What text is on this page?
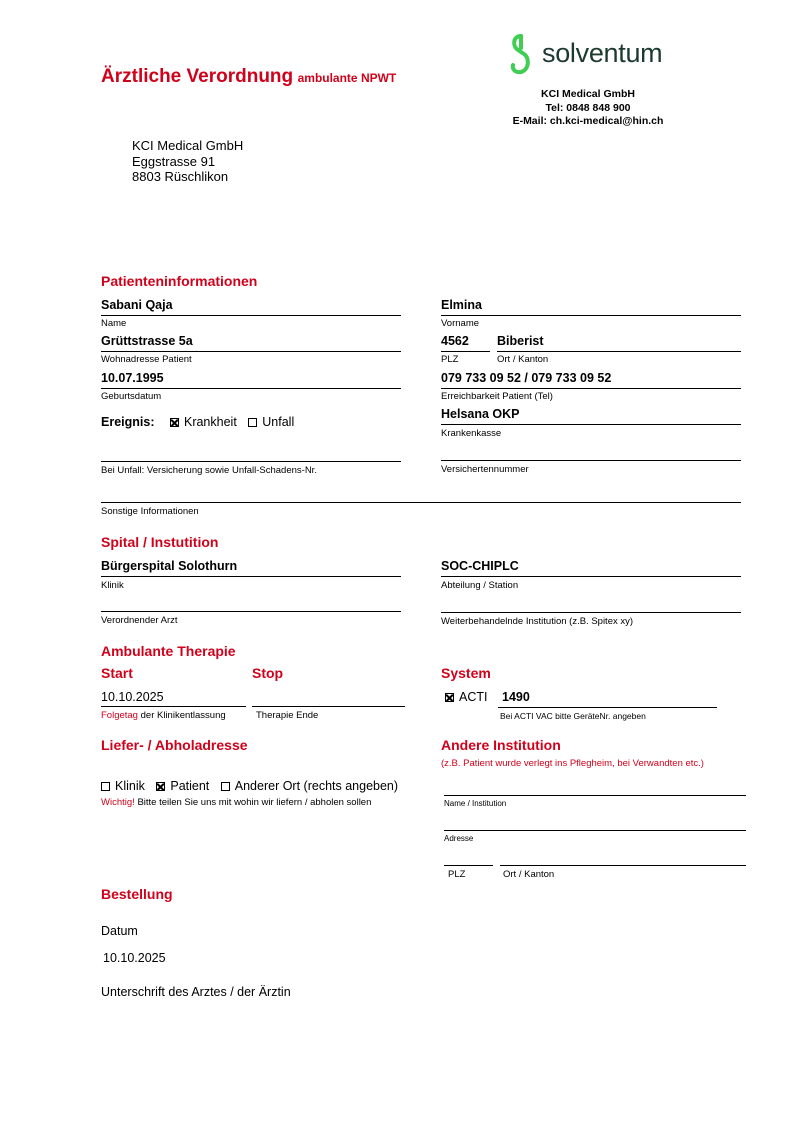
Ärztliche Verordnung ambulante NPWT
solventum
KCI Medical GmbH
Tel: 0848 848 900
E-Mail: ch.kci-medical@hin.ch
KCI Medical GmbH
Eggstrasse 91
8803 Rüschlikon
Patienteninformationen
Sabani Qaja
Name
Elmina
Vorname
Grüttstrasse 5a
Wohnadresse Patient
4562
PLZ
Biberist
Ort / Kanton
10.07.1995
Geburtsdatum
079 733 09 52 / 079 733 09 52
Erreichbarkeit Patient (Tel)
Ereignis: Krankheit Unfall
Helsana OKP
Krankenkasse
Bei Unfall: Versicherung sowie Unfall-Schadens-Nr.	Versichertennummer
Sonstige Informationen
Spital / Instutition
Bürgerspital Solothurn
Klinik
SOC-CHIPLC
Abteilung / Station
Verordnender Arzt	Weiterbehandelnde Institution (z.B. Spitex xy)
Ambulante Therapie
Start	Stop	System
10.10.2025
Folgetag der Klinikentlassung	Therapie Ende
ACTI 1490
Bei ACTI VAC bitte GeräteNr. angeben
Liefer- / Abholadresse
Klinik Patient Anderer Ort (rechts angeben)
Wichtig! Bitte teilen Sie uns mit wohin wir liefern / abholen sollen
Andere Institution
(z.B. Patient wurde verlegt ins Pflegheim, bei Verwandten etc.)
Name / Institution
Adresse
PLZ	Ort / Kanton
Bestellung
Datum
10.10.2025
Unterschrift des Arztes / der Ärztin
